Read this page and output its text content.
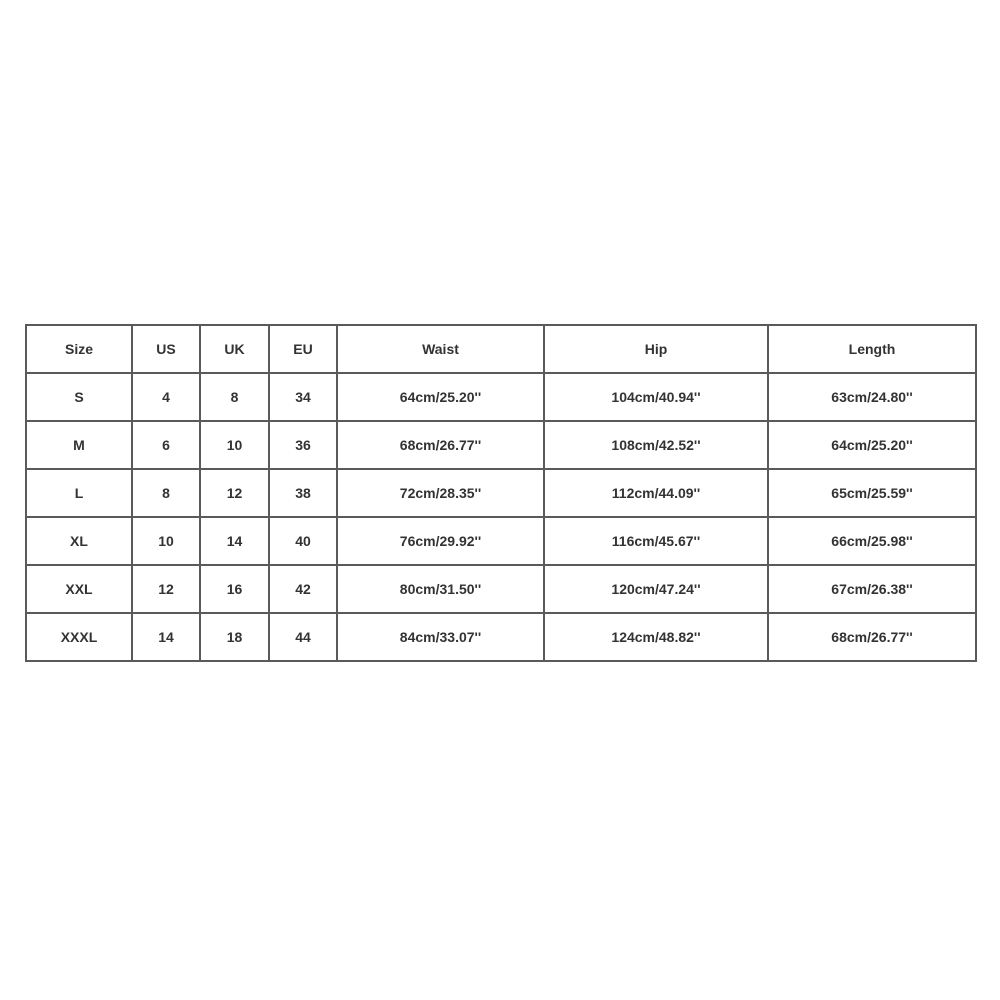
Size	US	UK	EU	Waist	Hip	Length
S	4	8	34	64cm/25.20''	104cm/40.94''	63cm/24.80''
M	6	10	36	68cm/26.77''	108cm/42.52''	64cm/25.20''
L	8	12	38	72cm/28.35''	112cm/44.09''	65cm/25.59''
XL	10	14	40	76cm/29.92''	116cm/45.67''	66cm/25.98''
XXL	12	16	42	80cm/31.50''	120cm/47.24''	67cm/26.38''
XXXL	14	18	44	84cm/33.07''	124cm/48.82''	68cm/26.77''
